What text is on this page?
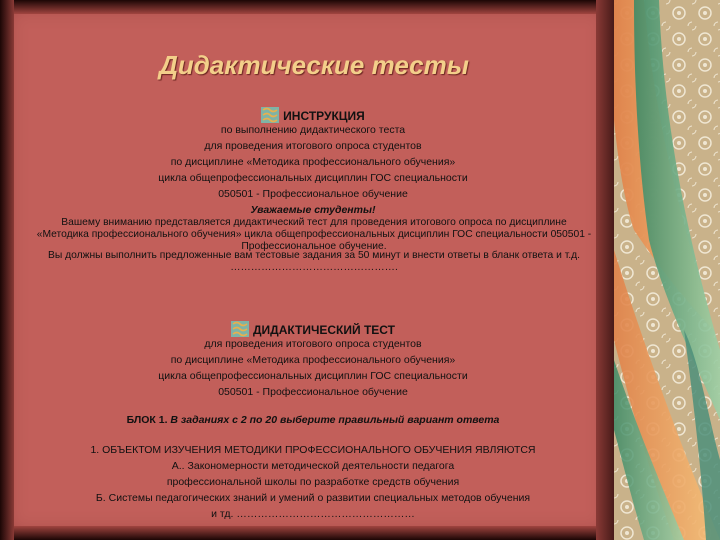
Дидактические тесты
ИНСТРУКЦИЯ
по выполнению дидактического теста
для проведения итогового опроса студентов
по дисциплине «Методика профессионального обучения»
цикла общепрофессиональных дисциплин ГОС специальности
050501 - Профессиональное обучение
Уважаемые студенты!
Вашему вниманию представляется дидактический тест для проведения итогового опроса по дисциплине «Методика профессионального обучения» цикла общепрофессиональных дисциплин ГОС специальности 050501 - Профессиональное обучение.
Вы должны выполнить предложенные вам тестовые задания за 50 минут и внести ответы в бланк ответа и т.д. ………………………………………….
ДИДАКТИЧЕСКИЙ ТЕСТ
для проведения итогового опроса студентов
по дисциплине «Методика профессионального обучения»
цикла общепрофессиональных дисциплин ГОС специальности
050501 - Профессиональное обучение
БЛОК 1. В заданиях с 2 по 20 выберите правильный вариант ответа
1. ОБЪЕКТОМ ИЗУЧЕНИЯ МЕТОДИКИ ПРОФЕССИОНАЛЬНОГО ОБУЧЕНИЯ ЯВЛЯЮТСЯ
А.. Закономерности методической деятельности педагога
профессиональной школы по разработке средств обучения
Б. Системы педагогических знаний и умений о развитии специальных методов обучения
и тд. ……………………………………………
